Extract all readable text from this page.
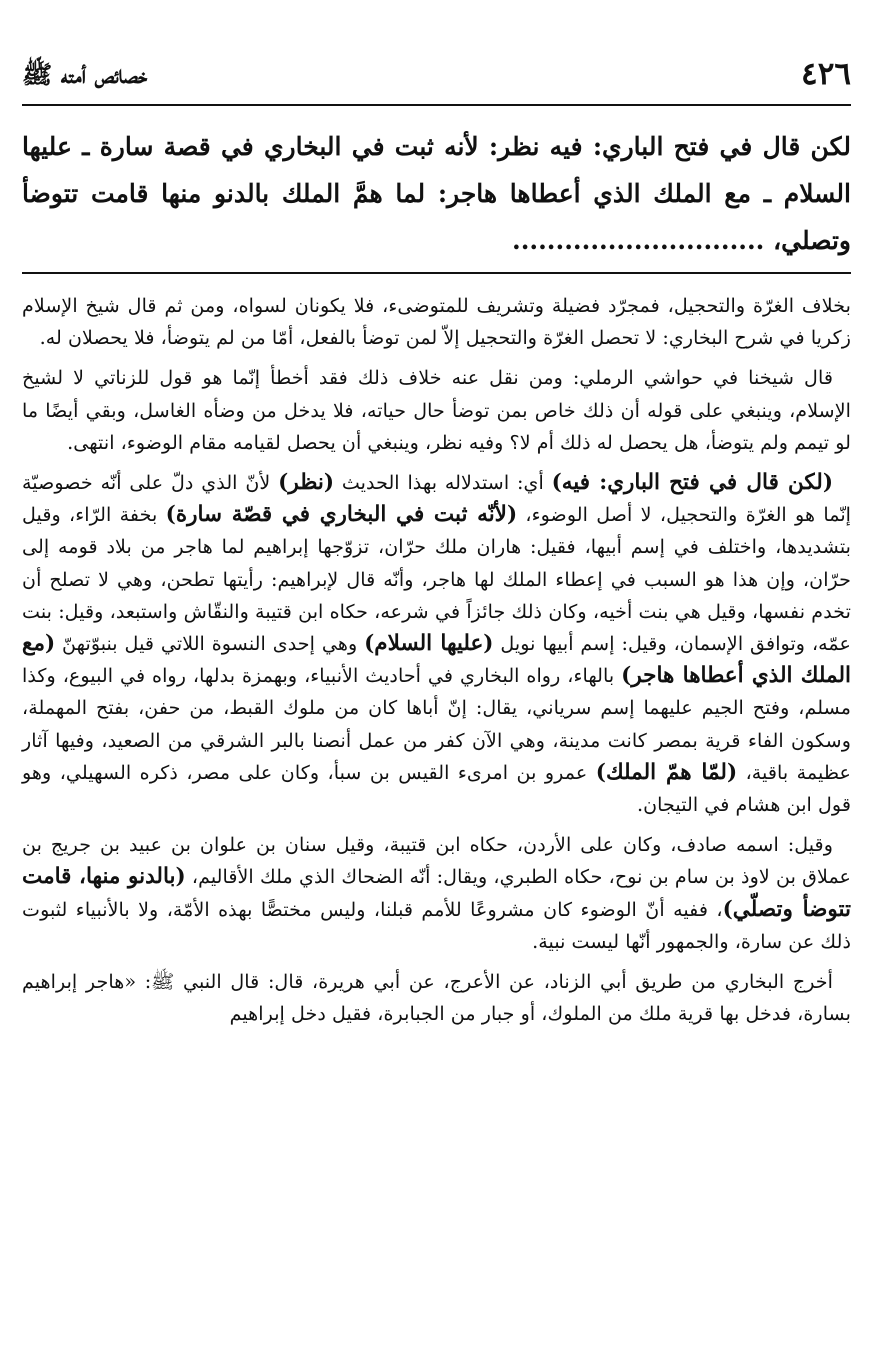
٤٢٦
خصائص أمته ﷺ
لكن قال في فتح الباري: فيه نظر: لأنه ثبت في البخاري في قصة سارة ـ عليها السلام ـ مع الملك الذي أعطاها هاجر: لما همَّ الملك بالدنو منها قامت تتوضأ وتصلي، .............................

بخلاف الغرّة والتحجيل، فمجرّد فضيلة وتشريف للمتوضىء، فلا يكونان لسواه، ومن ثم قال شيخ الإسلام زكريا في شرح البخاري: لا تحصل الغرّة والتحجيل إلاّ لمن توضأ بالفعل، أمّا من لم يتوضأ، فلا يحصلان له.

قال شيخنا في حواشي الرملي: ومن نقل عنه خلاف ذلك فقد أخطأ إنّما هو قول للزناتي لا لشيخ الإسلام، وينبغي على قوله أن ذلك خاص بمن توضأ حال حياته، فلا يدخل من وضأه الغاسل، وبقي أيضًا ما لو تيمم ولم يتوضأ، هل يحصل له ذلك أم لا؟ وفيه نظر، وينبغي أن يحصل لقيامه مقام الوضوء، انتهى.

(لكن قال في فتح الباري: فيه) أي: استدلاله بهذا الحديث (نظر) لأنّ الذي دلّ على أنّه خصوصيّة إنّما هو الغرّة والتحجيل، لا أصل الوضوء، (لأنّه ثبت في البخاري في قصّة سارة) بخفة الرّاء، وقيل بتشديدها، واختلف في إسم أبيها، فقيل: هاران ملك حرّان، تزوّجها إبراهيم لما هاجر من بلاد قومه إلى حرّان، وإن هذا هو السبب في إعطاء الملك لها هاجر، وأنّه قال لإبراهيم: رأيتها تطحن، وهي لا تصلح أن تخدم نفسها، وقيل هي بنت أخيه، وكان ذلك جائزاً في شرعه، حكاه ابن قتيبة والنقّاش واستبعد، وقيل: بنت عمّه، وتوافق الإسمان، وقيل: إسم أبيها نويل (عليها السلام) وهي إحدى النسوة اللاتي قيل بنبوّتهنّ (مع الملك الذي أعطاها هاجر) بالهاء، رواه البخاري في أحاديث الأنبياء، وبهمزة بدلها، رواه في البيوع، وكذا مسلم، وفتح الجيم عليهما إسم سرياني، يقال: إنّ أباها كان من ملوك القبط، من حفن، بفتح المهملة، وسكون الفاء قرية بمصر كانت مدينة، وهي الآن كفر من عمل أنصنا بالبر الشرقي من الصعيد، وفيها آثار عظيمة باقية، (لمّا همّ الملك) عمرو بن امرىء القيس بن سبأ، وكان على مصر، ذكره السهيلي، وهو قول ابن هشام في التيجان.

وقيل: اسمه صادف، وكان على الأردن، حكاه ابن قتيبة، وقيل سنان بن علوان بن عبيد بن جريج بن عملاق بن لاوذ بن سام بن نوح، حكاه الطبري، ويقال: أنّه الضحاك الذي ملك الأقاليم، (بالدنو منها، قامت تتوضأ وتصلّي)، ففيه أنّ الوضوء كان مشروعًا للأمم قبلنا، وليس مختصًّا بهذه الأمّة، ولا بالأنبياء لثبوت ذلك عن سارة، والجمهور أنّها ليست نبية.

أخرج البخاري من طريق أبي الزناد، عن الأعرج، عن أبي هريرة، قال: قال النبي ﷺ: «هاجر إبراهيم بسارة، فدخل بها قرية ملك من الملوك، أو جبار من الجبابرة، فقيل دخل إبراهيم
